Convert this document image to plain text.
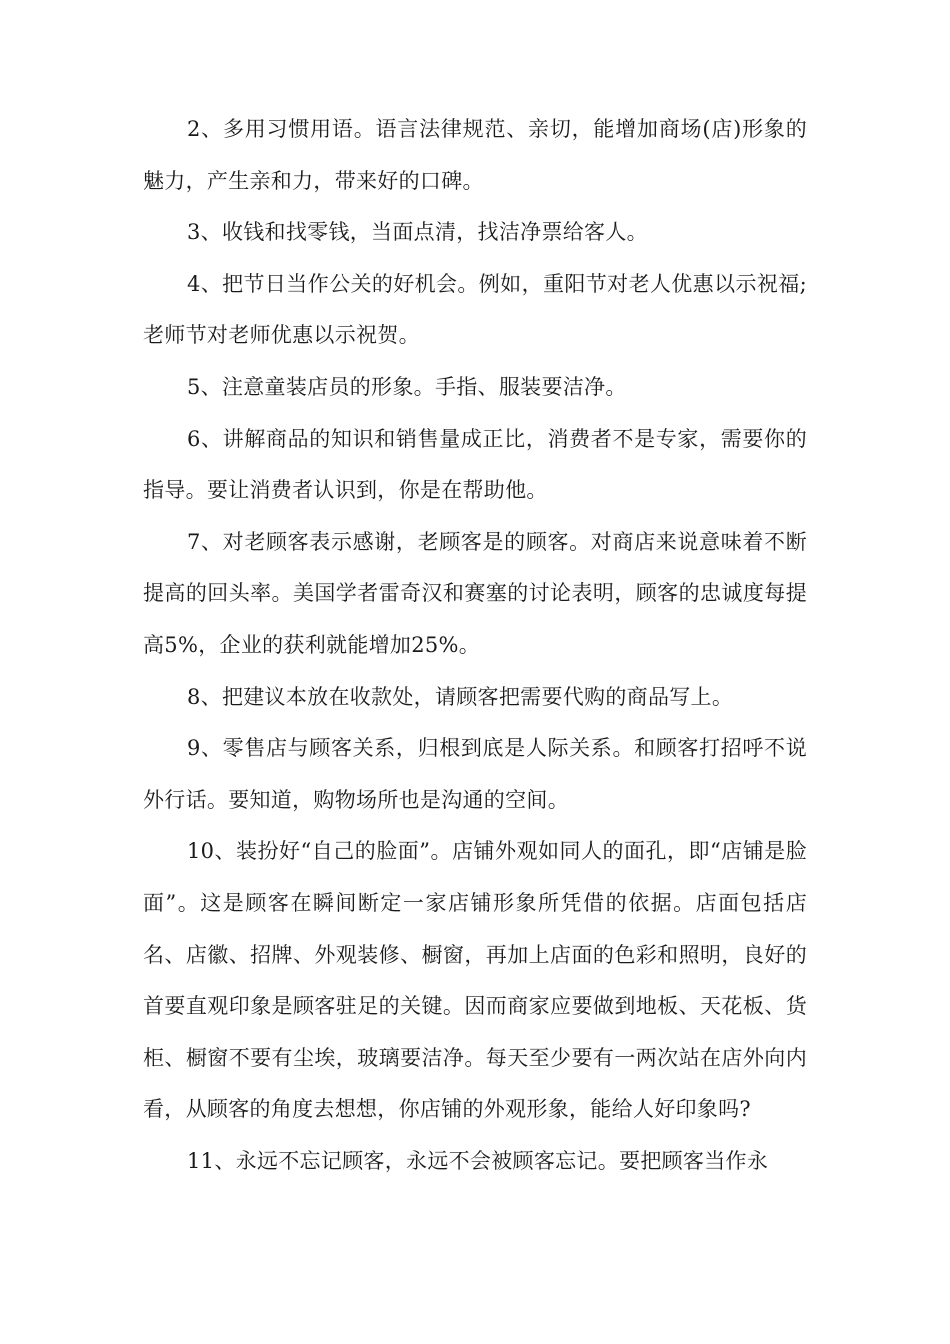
2、多用习惯用语。语言法律规范、亲切，能增加商场(店)形象的魅力，产生亲和力，带来好的口碑。

3、收钱和找零钱，当面点清，找洁净票给客人。

4、把节日当作公关的好机会。例如，重阳节对老人优惠以示祝福;老师节对老师优惠以示祝贺。

5、注意童装店员的形象。手指、服装要洁净。

6、讲解商品的知识和销售量成正比，消费者不是专家，需要你的指导。要让消费者认识到，你是在帮助他。

7、对老顾客表示感谢，老顾客是的顾客。对商店来说意味着不断提高的回头率。美国学者雷奇汉和赛塞的讨论表明，顾客的忠诚度每提高5%，企业的获利就能增加25%。

8、把建议本放在收款处，请顾客把需要代购的商品写上。

9、零售店与顾客关系，归根到底是人际关系。和顾客打招呼不说外行话。要知道，购物场所也是沟通的空间。

10、装扮好“自己的脸面”。店铺外观如同人的面孔，即“店铺是脸面”。这是顾客在瞬间断定一家店铺形象所凭借的依据。店面包括店名、店徽、招牌、外观装修、橱窗，再加上店面的色彩和照明，良好的首要直观印象是顾客驻足的关键。因而商家应要做到地板、天花板、货柜、橱窗不要有尘埃，玻璃要洁净。每天至少要有一两次站在店外向内看，从顾客的角度去想想，你店铺的外观形象，能给人好印象吗?

11、永远不忘记顾客，永远不会被顾客忘记。要把顾客当作永
